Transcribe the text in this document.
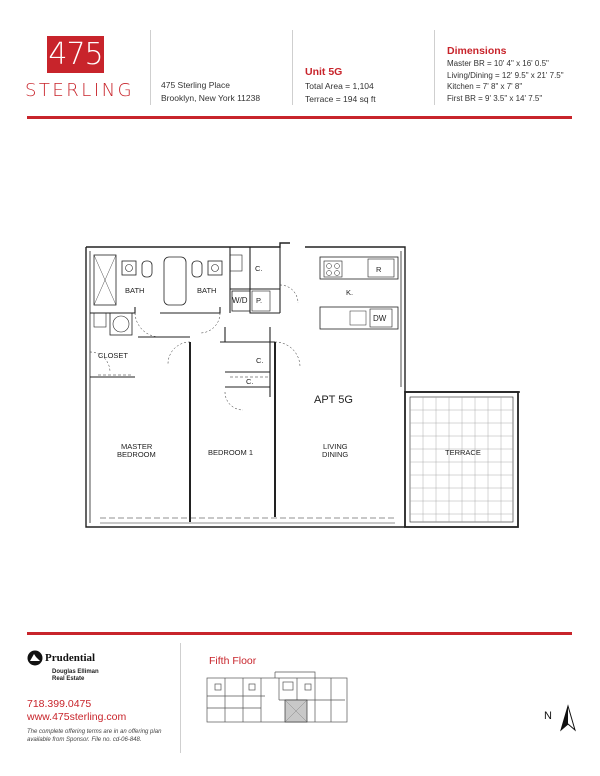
475
STERLING	475 Sterling Place
Brooklyn, New York 11238
Unit 5G
Total Area = 1,104
Terrace = 194 sq ft
Dimensions
Master BR = 10' 4" x 16' 0.5"
Living/Dining = 12' 9.5" x 21' 7.5"
Kitchen = 7' 8" x 7' 8"
First BR = 9' 3.5" x 14' 7.5"
BATH	BATH
C.
W/D P.
K.
R
DW
CLOSET
C.
C.
MASTER
BEDROOM	BEDROOM 1
LIVING
DINING	TERRACE
APT 5G
Prudential
Douglas Elliman
Real Estate
718.399.0475
www.475sterling.com
The complete offering terms are in an offering plan available from Sponsor. File no. cd-06-848.
Fifth Floor
N
